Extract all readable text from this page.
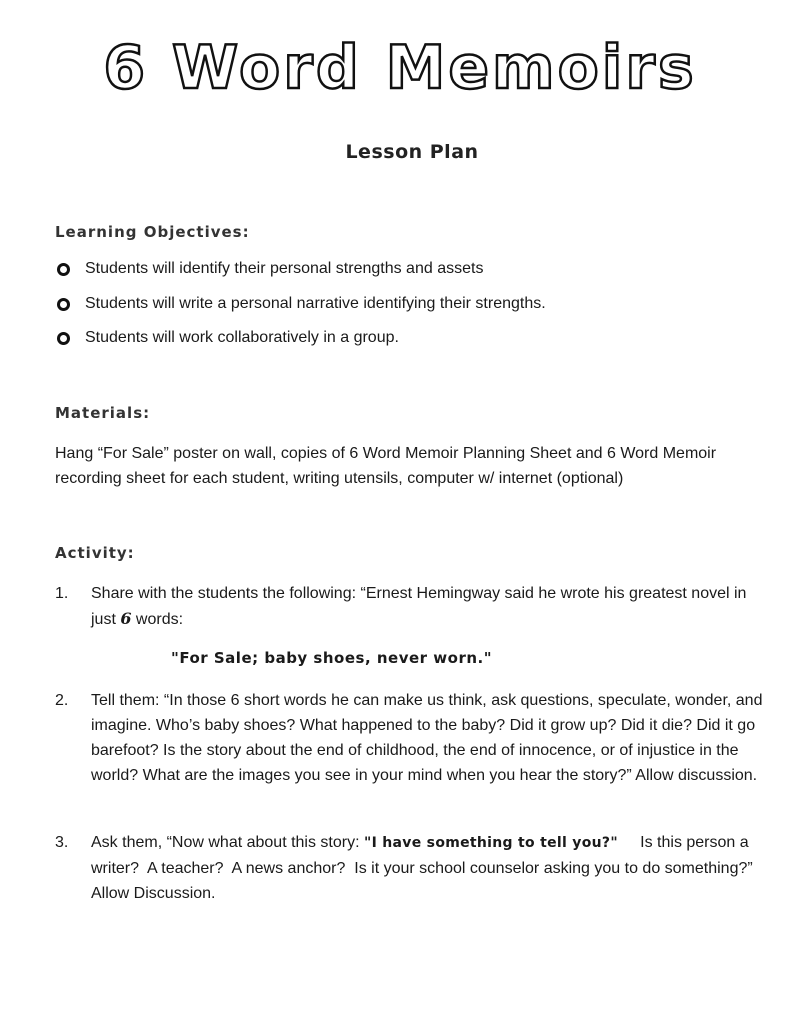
6 Word Memoirs
Lesson Plan
Learning Objectives:
Students will identify their personal strengths and assets
Students will write a personal narrative identifying their strengths.
Students will work collaboratively in a group.
Materials:

Hang “For Sale” poster on wall, copies of 6 Word Memoir Planning Sheet and 6 Word Memoir recording sheet for each student, writing utensils, computer w/ internet (optional)

Activity:
1. Share with the students the following: “Ernest Hemingway said he wrote his greatest novel in just 6 words:
"For Sale; baby shoes, never worn."
2. Tell them: “In those 6 short words he can make us think, ask questions, speculate, wonder, and imagine. Who’s baby shoes? What happened to the baby? Did it grow up? Did it die? Did it go barefoot? Is the story about the end of childhood, the end of innocence, or of injustice in the world? What are the images you see in your mind when you hear the story?” Allow discussion.
3. Ask them, “Now what about this story: "I have something to tell you?"     Is this person a writer?  A teacher?  A news anchor?  Is it your school counselor asking you to do something?”  Allow Discussion.
